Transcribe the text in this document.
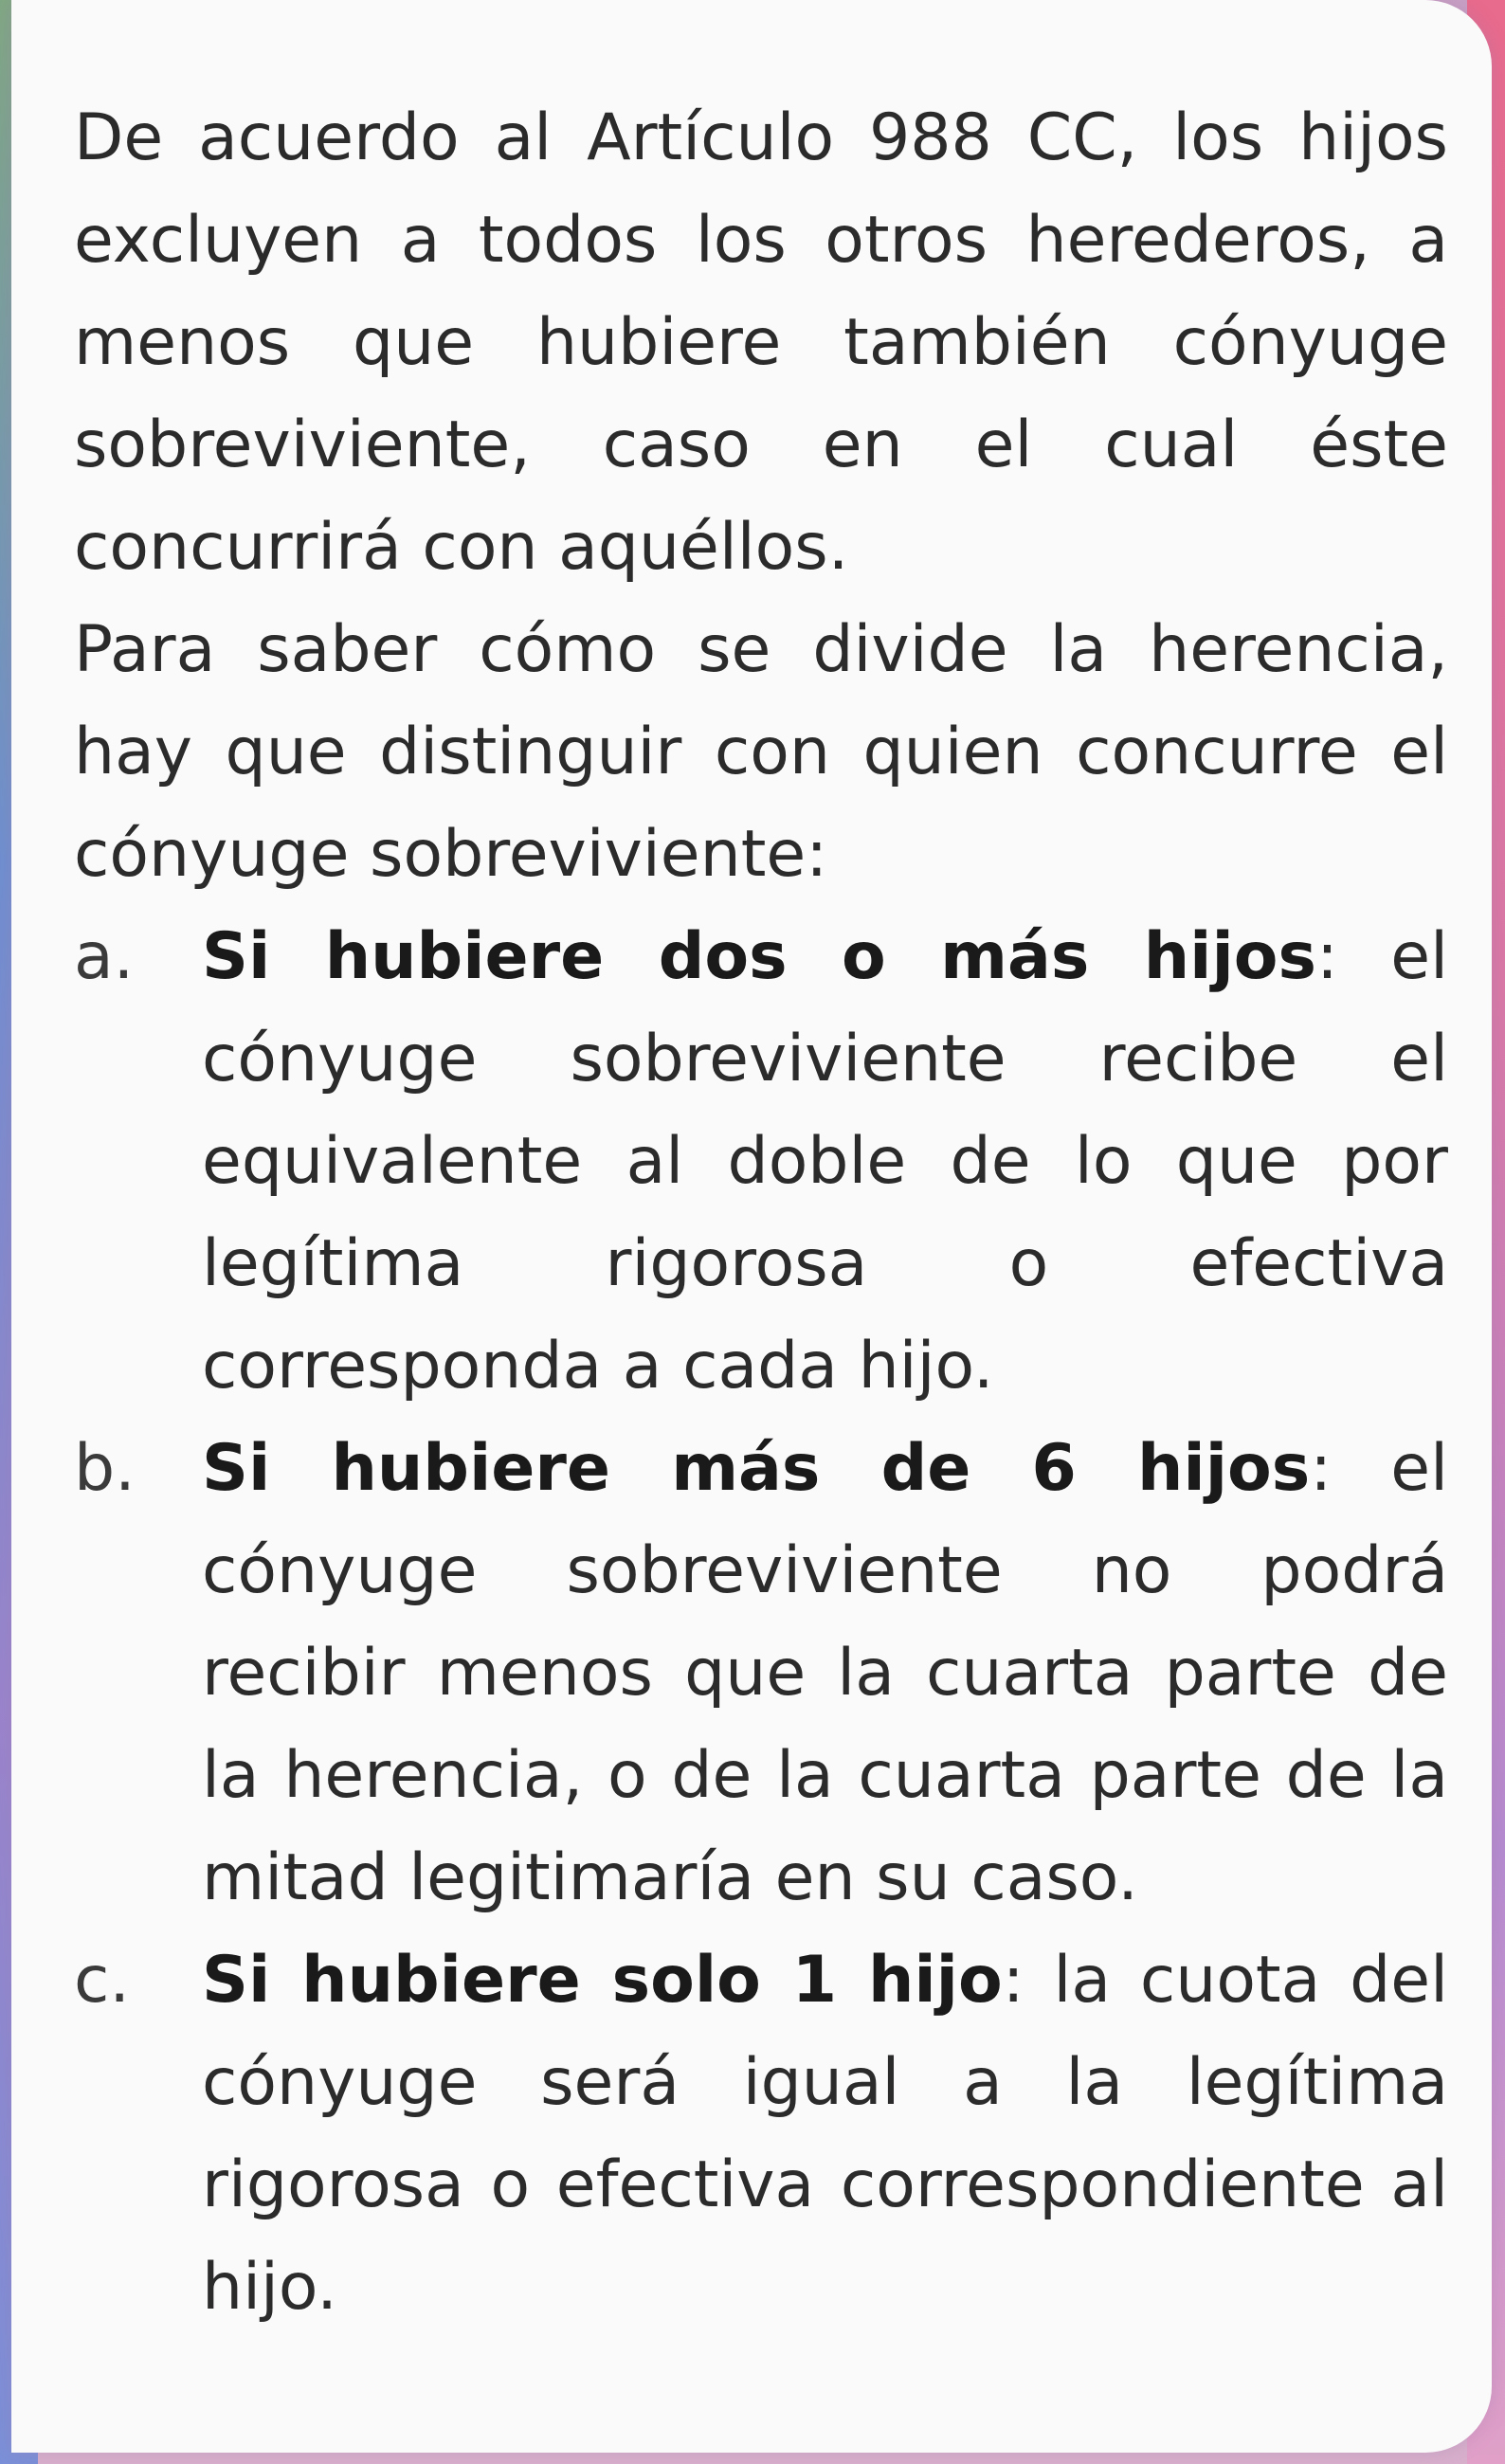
De acuerdo al Artículo 988 CC, los hijos excluyen a todos los otros herederos, a menos que hubiere también cónyuge sobreviviente, caso en el cual éste concurrirá con aquéllos.

Para saber cómo se divide la herencia, hay que distinguir con quien concurre el cónyuge sobreviviente:

a. Si hubiere dos o más hijos: el cónyuge sobreviviente recibe el equivalente al doble de lo que por legítima rigorosa o efectiva corresponda a cada hijo.
b. Si hubiere más de 6 hijos: el cónyuge sobreviviente no podrá recibir menos que la cuarta parte de la herencia, o de la cuarta parte de la mitad legitimaría en su caso.
c. Si hubiere solo 1 hijo: la cuota del cónyuge será igual a la legítima rigorosa o efectiva correspondiente al hijo.
